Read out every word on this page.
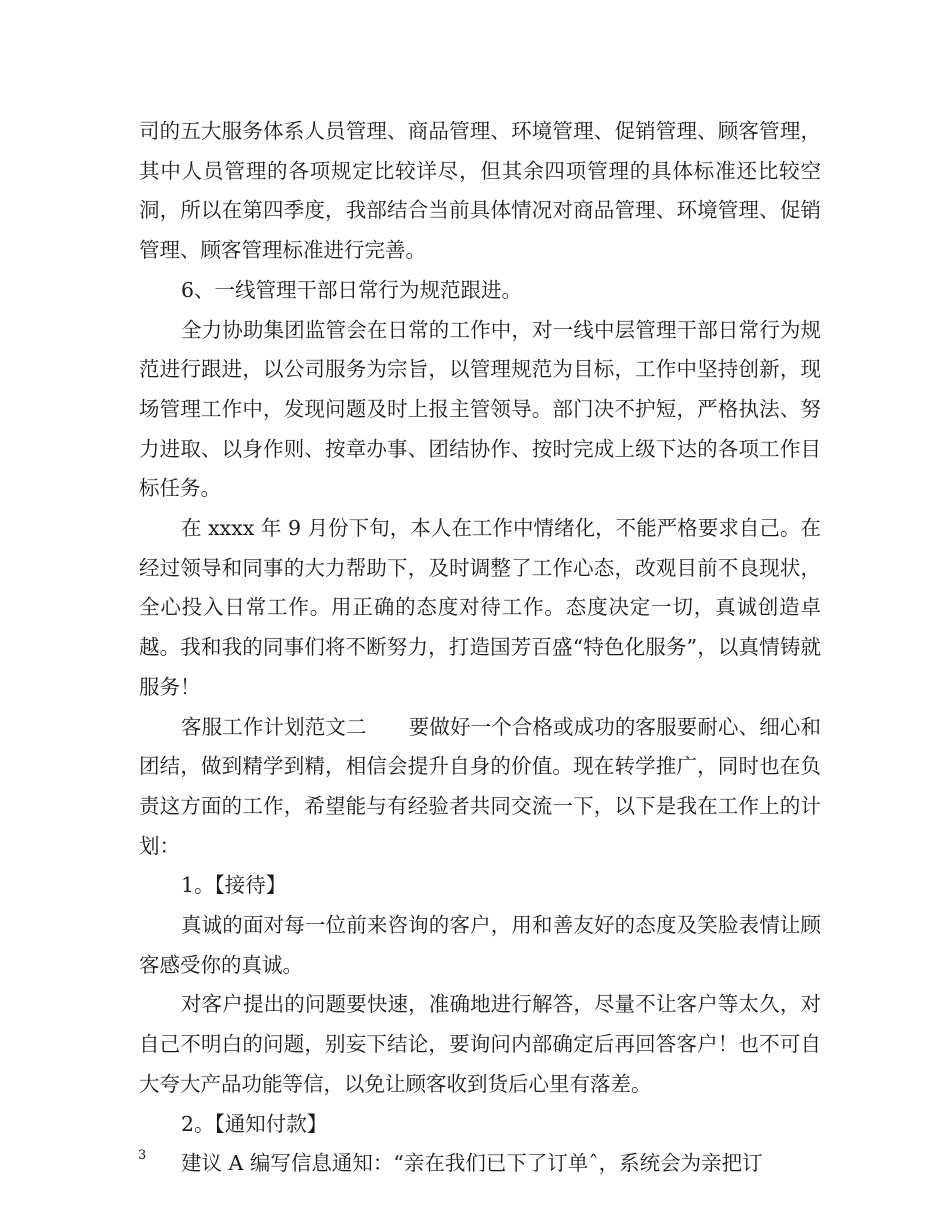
司的五大服务体系人员管理、商品管理、环境管理、促销管理、顾客管理，其中人员管理的各项规定比较详尽，但其余四项管理的具体标准还比较空洞，所以在第四季度，我部结合当前具体情况对商品管理、环境管理、促销管理、顾客管理标准进行完善。

6、一线管理干部日常行为规范跟进。

全力协助集团监管会在日常的工作中，对一线中层管理干部日常行为规范进行跟进，以公司服务为宗旨，以管理规范为目标，工作中坚持创新，现场管理工作中，发现问题及时上报主管领导。部门决不护短，严格执法、努力进取、以身作则、按章办事、团结协作、按时完成上级下达的各项工作目标任务。

在 xxxx 年 9 月份下旬，本人在工作中情绪化，不能严格要求自己。在经过领导和同事的大力帮助下，及时调整了工作心态，改观目前不良现状，全心投入日常工作。用正确的态度对待工作。态度决定一切，真诚创造卓越。我和我的同事们将不断努力，打造国芳百盛“特色化服务”，以真情铸就服务！

客服工作计划范文二 要做好一个合格或成功的客服要耐心、细心和团结，做到精学到精，相信会提升自身的价值。现在转学推广，同时也在负责这方面的工作，希望能与有经验者共同交流一下，以下是我在工作上的计划：

1。【接待】

真诚的面对每一位前来咨询的客户，用和善友好的态度及笑脸表情让顾客感受你的真诚。

对客户提出的问题要快速，准确地进行解答，尽量不让客户等太久，对自己不明白的问题，别妄下结论，要询问内部确定后再回答客户！也不可自大夸大产品功能等信，以免让顾客收到货后心里有落差。

2。【通知付款】

建议 A 编写信息通知：“亲在我们已下了订单ˆ，系统会为亲把订

3
